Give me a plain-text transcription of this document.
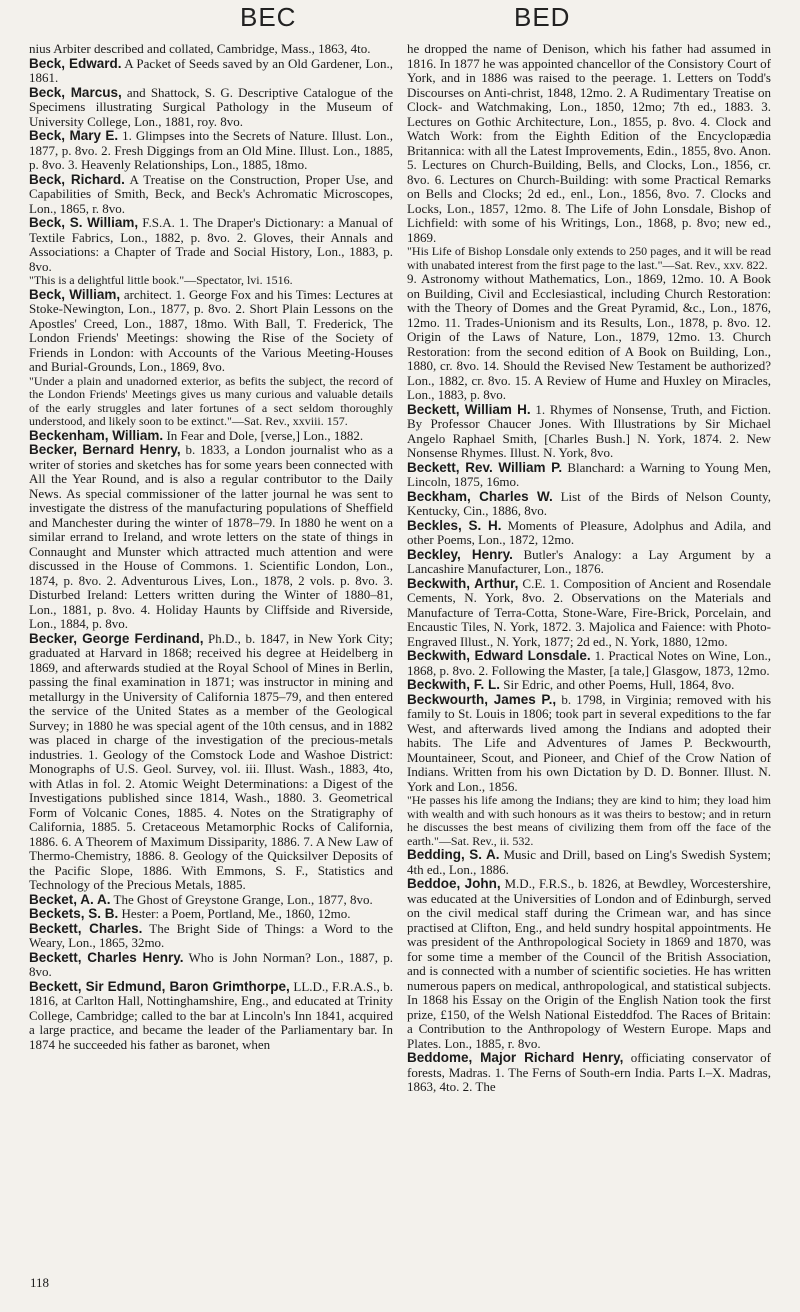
BEC	BED

nius Arbiter described and collated, Cambridge, Mass., 1863, 4to.

Beck, Edward. A Packet of Seeds saved by an Old Gardener, Lon., 1861.

Beck, Marcus, and Shattock, S. G. Descriptive Catalogue of the Specimens illustrating Surgical Pathology in the Museum of University College, Lon., 1881, roy. 8vo.

Beck, Mary E. 1. Glimpses into the Secrets of Nature. Illust. Lon., 1877, p. 8vo. 2. Fresh Diggings from an Old Mine. Illust. Lon., 1885, p. 8vo. 3. Heavenly Relationships, Lon., 1885, 18mo.

Beck, Richard. A Treatise on the Construction, Proper Use, and Capabilities of Smith, Beck, and Beck's Achromatic Microscopes, Lon., 1865, r. 8vo.

Beck, S. William, F.S.A. 1. The Draper's Dictionary: a Manual of Textile Fabrics, Lon., 1882, p. 8vo. 2. Gloves, their Annals and Associations: a Chapter of Trade and Social History, Lon., 1883, p. 8vo.

"This is a delightful little book."—Spectator, lvi. 1516.

Beck, William, architect. 1. George Fox and his Times: Lectures at Stoke-Newington, Lon., 1877, p. 8vo. 2. Short Plain Lessons on the Apostles' Creed, Lon., 1887, 18mo. With Ball, T. Frederick, The London Friends' Meetings: showing the Rise of the Society of Friends in London: with Accounts of the Various Meeting-Houses and Burial-Grounds, Lon., 1869, 8vo.

"Under a plain and unadorned exterior, as befits the subject, the record of the London Friends' Meetings gives us many curious and valuable details of the early struggles and later fortunes of a sect seldom thoroughly understood, and likely soon to be extinct."—Sat. Rev., xxviii. 157.

Beckenham, William. In Fear and Dole, [verse,] Lon., 1882.

Becker, Bernard Henry, b. 1833, a London journalist who as a writer of stories and sketches has for some years been connected with All the Year Round, and is also a regular contributor to the Daily News. As special commissioner of the latter journal he was sent to investigate the distress of the manufacturing populations of Sheffield and Manchester during the winter of 1878–79. In 1880 he went on a similar errand to Ireland, and wrote letters on the state of things in Connaught and Munster which attracted much attention and were discussed in the House of Commons. 1. Scientific London, Lon., 1874, p. 8vo. 2. Adventurous Lives, Lon., 1878, 2 vols. p. 8vo. 3. Disturbed Ireland: Letters written during the Winter of 1880–81, Lon., 1881, p. 8vo. 4. Holiday Haunts by Cliffside and Riverside, Lon., 1884, p. 8vo.

Becker, George Ferdinand, Ph.D., b. 1847, in New York City; graduated at Harvard in 1868; received his degree at Heidelberg in 1869, and afterwards studied at the Royal School of Mines in Berlin, passing the final examination in 1871; was instructor in mining and metallurgy in the University of California 1875–79, and then entered the service of the United States as a member of the Geological Survey; in 1880 he was special agent of the 10th census, and in 1882 was placed in charge of the investigation of the precious-metals industries. 1. Geology of the Comstock Lode and Washoe District: Monographs of U.S. Geol. Survey, vol. iii. Illust. Wash., 1883, 4to, with Atlas in fol. 2. Atomic Weight Determinations: a Digest of the Investigations published since 1814, Wash., 1880. 3. Geometrical Form of Volcanic Cones, 1885. 4. Notes on the Stratigraphy of California, 1885. 5. Cretaceous Metamorphic Rocks of California, 1886. 6. A Theorem of Maximum Dissiparity, 1886. 7. A New Law of Thermo-Chemistry, 1886. 8. Geology of the Quicksilver Deposits of the Pacific Slope, 1886. With Emmons, S. F., Statistics and Technology of the Precious Metals, 1885.

Becket, A. A. The Ghost of Greystone Grange, Lon., 1877, 8vo.

Beckets, S. B. Hester: a Poem, Portland, Me., 1860, 12mo.

Beckett, Charles. The Bright Side of Things: a Word to the Weary, Lon., 1865, 32mo.

Beckett, Charles Henry. Who is John Norman? Lon., 1887, p. 8vo.

Beckett, Sir Edmund, Baron Grimthorpe, LL.D., F.R.A.S., b. 1816, at Carlton Hall, Nottinghamshire, Eng., and educated at Trinity College, Cambridge; called to the bar at Lincoln's Inn 1841, acquired a large practice, and became the leader of the Parliamentary bar. In 1874 he succeeded his father as baronet, when

he dropped the name of Denison, which his father had assumed in 1816. In 1877 he was appointed chancellor of the Consistory Court of York, and in 1886 was raised to the peerage. 1. Letters on Todd's Discourses on Anti-christ, 1848, 12mo. 2. A Rudimentary Treatise on Clock- and Watchmaking, Lon., 1850, 12mo; 7th ed., 1883. 3. Lectures on Gothic Architecture, Lon., 1855, p. 8vo. 4. Clock and Watch Work: from the Eighth Edition of the Encyclopædia Britannica: with all the Latest Improvements, Edin., 1855, 8vo. Anon. 5. Lectures on Church-Building, Bells, and Clocks, Lon., 1856, cr. 8vo. 6. Lectures on Church-Building: with some Practical Remarks on Bells and Clocks; 2d ed., enl., Lon., 1856, 8vo. 7. Clocks and Locks, Lon., 1857, 12mo. 8. The Life of John Lonsdale, Bishop of Lichfield: with some of his Writings, Lon., 1868, p. 8vo; new ed., 1869.

"His Life of Bishop Lonsdale only extends to 250 pages, and it will be read with unabated interest from the first page to the last."—Sat. Rev., xxv. 822.

9. Astronomy without Mathematics, Lon., 1869, 12mo. 10. A Book on Building, Civil and Ecclesiastical, including Church Restoration: with the Theory of Domes and the Great Pyramid, &c., Lon., 1876, 12mo. 11. Trades-Unionism and its Results, Lon., 1878, p. 8vo. 12. Origin of the Laws of Nature, Lon., 1879, 12mo. 13. Church Restoration: from the second edition of A Book on Building, Lon., 1880, cr. 8vo. 14. Should the Revised New Testament be authorized? Lon., 1882, cr. 8vo. 15. A Review of Hume and Huxley on Miracles, Lon., 1883, p. 8vo.

Beckett, William H. 1. Rhymes of Nonsense, Truth, and Fiction. By Professor Chaucer Jones. With Illustrations by Sir Michael Angelo Raphael Smith, [Charles Bush.] N. York, 1874. 2. New Nonsense Rhymes. Illust. N. York, 8vo.

Beckett, Rev. William P. Blanchard: a Warning to Young Men, Lincoln, 1875, 16mo.

Beckham, Charles W. List of the Birds of Nelson County, Kentucky, Cin., 1886, 8vo.

Beckles, S. H. Moments of Pleasure, Adolphus and Adila, and other Poems, Lon., 1872, 12mo.

Beckley, Henry. Butler's Analogy: a Lay Argument by a Lancashire Manufacturer, Lon., 1876.

Beckwith, Arthur, C.E. 1. Composition of Ancient and Rosendale Cements, N. York, 8vo. 2. Observations on the Materials and Manufacture of Terra-Cotta, Stone-Ware, Fire-Brick, Porcelain, and Encaustic Tiles, N. York, 1872. 3. Majolica and Faience: with Photo-Engraved Illust., N. York, 1877; 2d ed., N. York, 1880, 12mo.

Beckwith, Edward Lonsdale. 1. Practical Notes on Wine, Lon., 1868, p. 8vo. 2. Following the Master, [a tale,] Glasgow, 1873, 12mo.

Beckwith, F. L. Sir Edric, and other Poems, Hull, 1864, 8vo.

Beckwourth, James P., b. 1798, in Virginia; removed with his family to St. Louis in 1806; took part in several expeditions to the far West, and afterwards lived among the Indians and adopted their habits. The Life and Adventures of James P. Beckwourth, Mountaineer, Scout, and Pioneer, and Chief of the Crow Nation of Indians. Written from his own Dictation by D. D. Bonner. Illust. N. York and Lon., 1856.

"He passes his life among the Indians; they are kind to him; they load him with wealth and with such honours as it was theirs to bestow; and in return he discusses the best means of civilizing them from off the face of the earth."—Sat. Rev., ii. 532.

Bedding, S. A. Music and Drill, based on Ling's Swedish System; 4th ed., Lon., 1886.

Beddoe, John, M.D., F.R.S., b. 1826, at Bewdley, Worcestershire, was educated at the Universities of London and of Edinburgh, served on the civil medical staff during the Crimean war, and has since practised at Clifton, Eng., and held sundry hospital appointments. He was president of the Anthropological Society in 1869 and 1870, was for some time a member of the Council of the British Association, and is connected with a number of scientific societies. He has written numerous papers on medical, anthropological, and statistical subjects. In 1868 his Essay on the Origin of the English Nation took the first prize, £150, of the Welsh National Eisteddfod. The Races of Britain: a Contribution to the Anthropology of Western Europe. Maps and Plates. Lon., 1885, r. 8vo.

Beddome, Major Richard Henry, officiating conservator of forests, Madras. 1. The Ferns of South-ern India. Parts I.–X. Madras, 1863, 4to. 2. The

118
